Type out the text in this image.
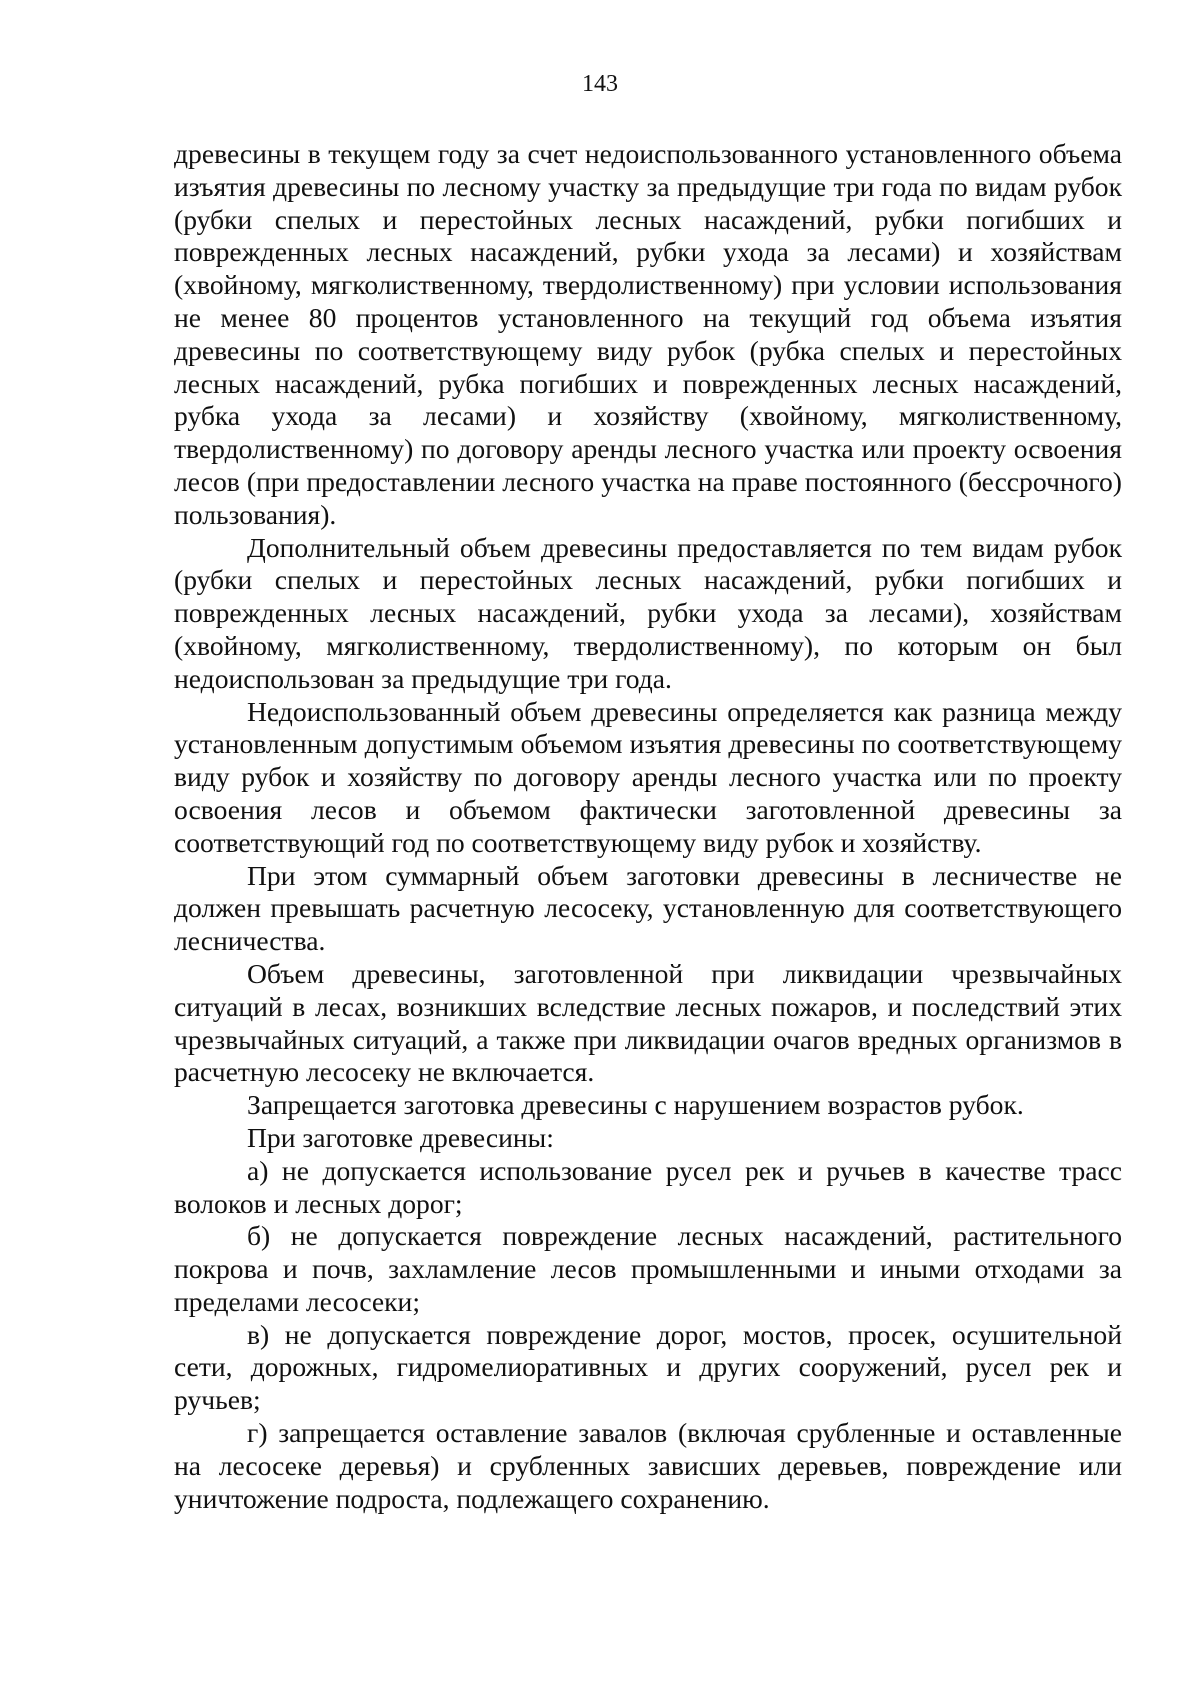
143

древесины в текущем году за счет недоиспользованного установленного объема изъятия древесины по лесному участку за предыдущие три года по видам рубок (рубки спелых и перестойных лесных насаждений, рубки погибших и поврежденных лесных насаждений, рубки ухода за лесами) и хозяйствам (хвойному, мягколиственному, твердолиственному) при условии использования не менее 80 процентов установленного на текущий год объема изъятия древесины по соответствующему виду рубок (рубка спелых и перестойных лесных насаждений, рубка погибших и поврежденных лесных насаждений, рубка ухода за лесами) и хозяйству (хвойному, мягколиственному, твердолиственному) по договору аренды лесного участка или проекту освоения лесов (при предоставлении лесного участка на праве постоянного (бессрочного) пользования).

Дополнительный объем древесины предоставляется по тем видам рубок (рубки спелых и перестойных лесных насаждений, рубки погибших и поврежденных лесных насаждений, рубки ухода за лесами), хозяйствам (хвойному, мягколиственному, твердолиственному), по которым он был недоиспользован за предыдущие три года.

Недоиспользованный объем древесины определяется как разница между установленным допустимым объемом изъятия древесины по соответствующему виду рубок и хозяйству по договору аренды лесного участка или по проекту освоения лесов и объемом фактически заготовленной древесины за соответствующий год по соответствующему виду рубок и хозяйству.

При этом суммарный объем заготовки древесины в лесничестве не должен превышать расчетную лесосеку, установленную для соответствующего лесничества.

Объем древесины, заготовленной при ликвидации чрезвычайных ситуаций в лесах, возникших вследствие лесных пожаров, и последствий этих чрезвычайных ситуаций, а также при ликвидации очагов вредных организмов в расчетную лесосеку не включается.

Запрещается заготовка древесины с нарушением возрастов рубок.

При заготовке древесины:

а) не допускается использование русел рек и ручьев в качестве трасс волоков и лесных дорог;

б) не допускается повреждение лесных насаждений, растительного покрова и почв, захламление лесов промышленными и иными отходами за пределами лесосеки;

в) не допускается повреждение дорог, мостов, просек, осушительной сети, дорожных, гидромелиоративных и других сооружений, русел рек и ручьев;

г) запрещается оставление завалов (включая срубленные и оставленные на лесосеке деревья) и срубленных зависших деревьев, повреждение или уничтожение подроста, подлежащего сохранению.
